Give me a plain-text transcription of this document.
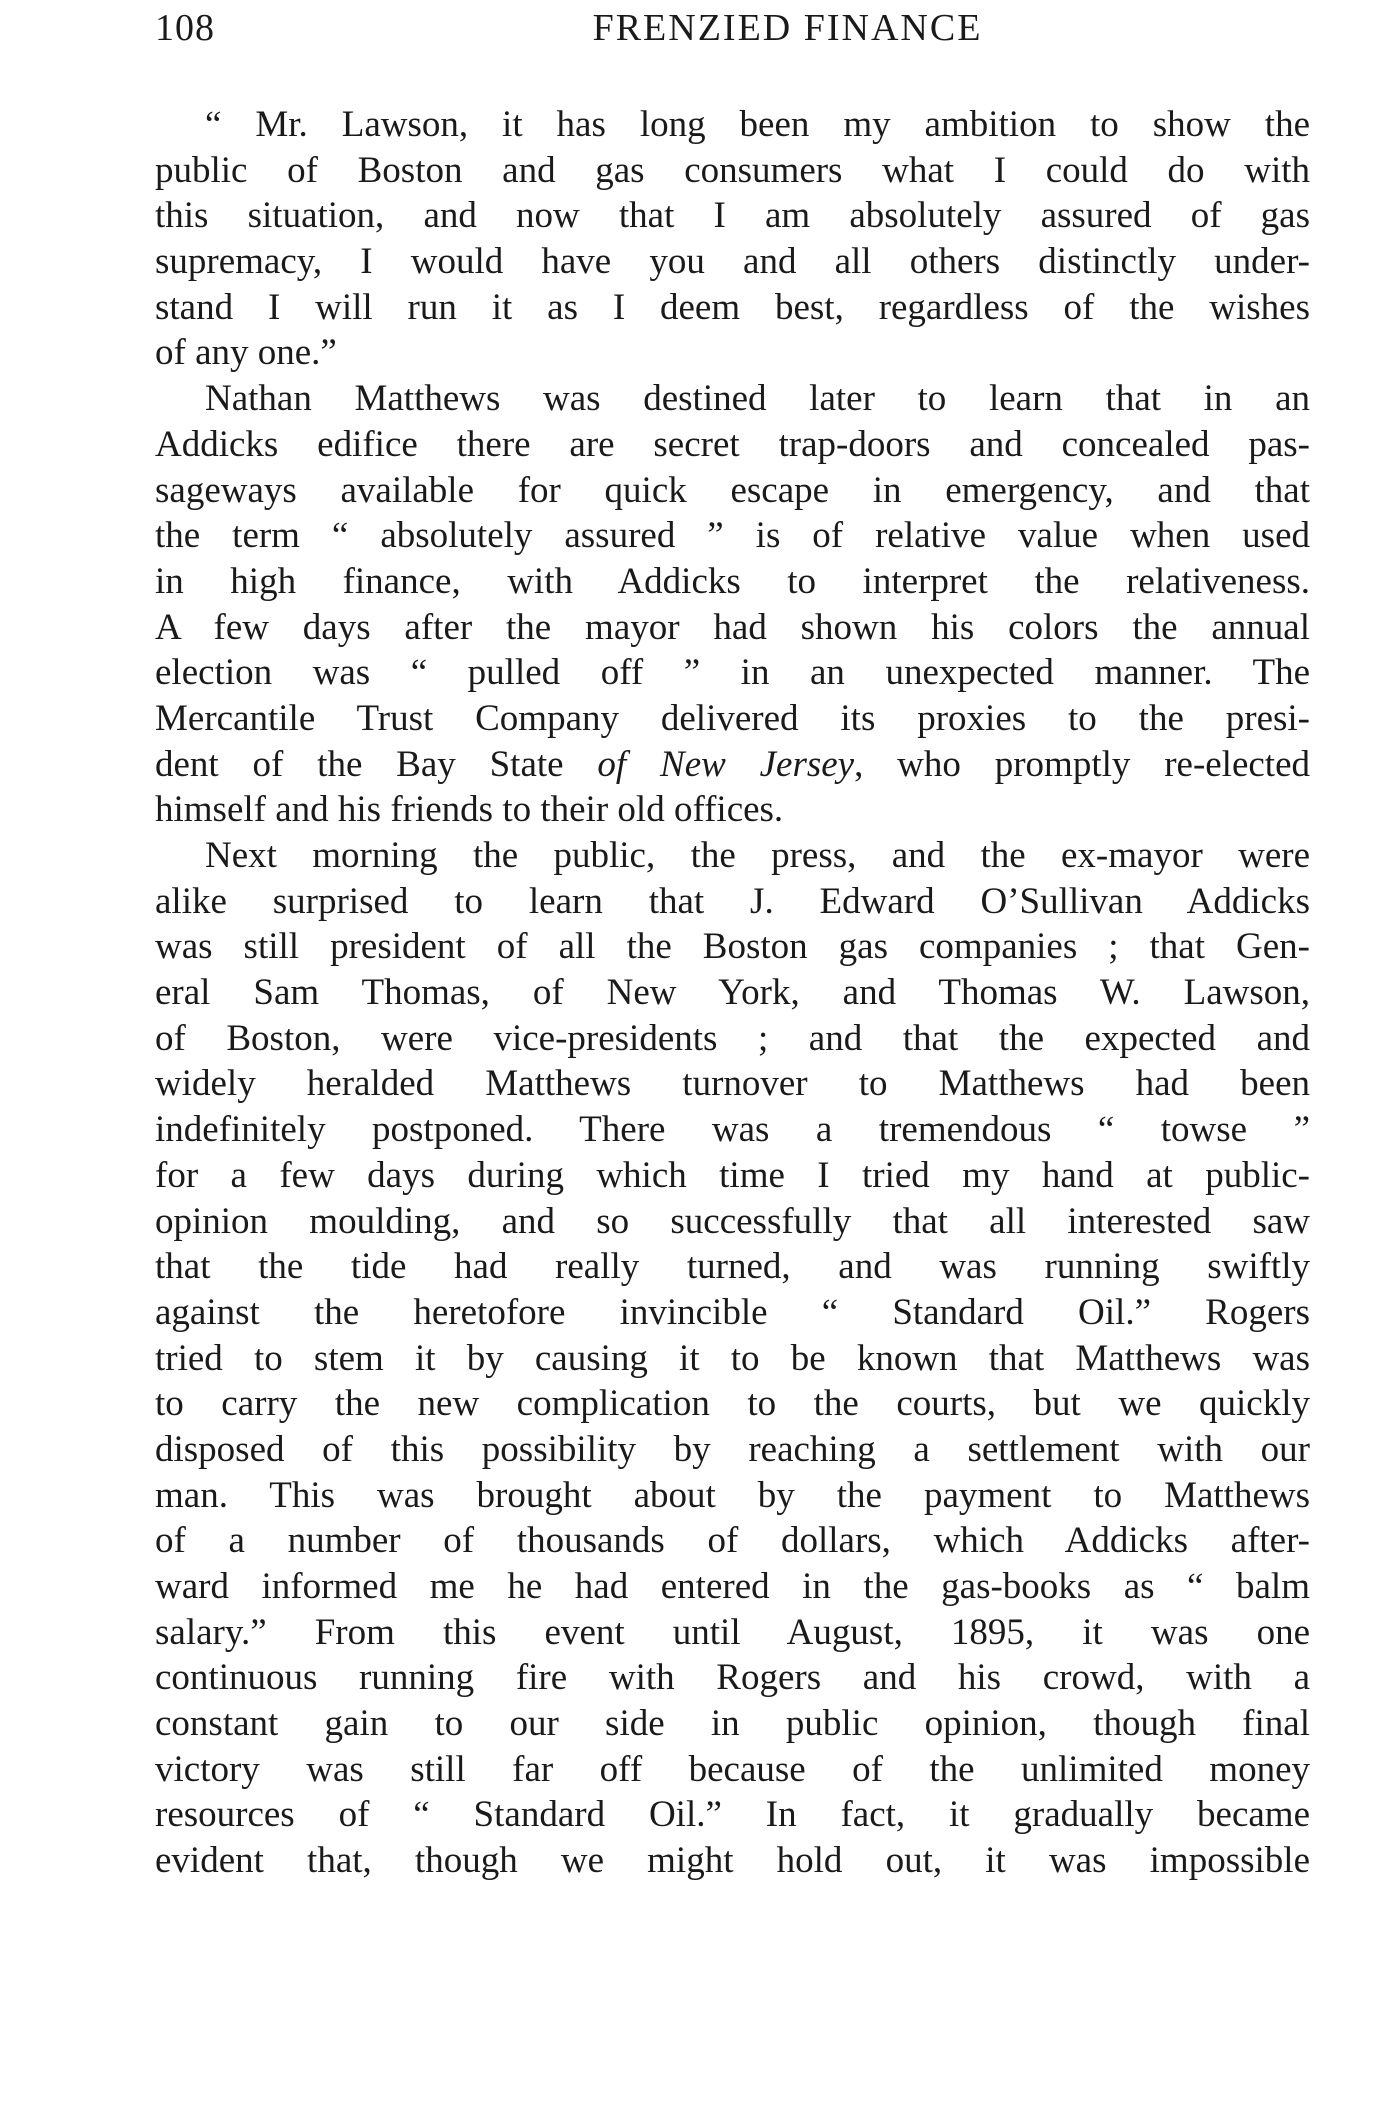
108	FRENZIED FINANCE
“ Mr. Lawson, it has long been my ambition to show the
public of Boston and gas consumers what I could do with
this situation, and now that I am absolutely assured of gas
supremacy, I would have you and all others distinctly under-
stand I will run it as I deem best, regardless of the wishes
of any one.”
Nathan Matthews was destined later to learn that in an
Addicks edifice there are secret trap-doors and concealed pas-
sageways available for quick escape in emergency, and that
the term “ absolutely assured ” is of relative value when used
in high finance, with Addicks to interpret the relativeness.
A few days after the mayor had shown his colors the annual
election was “ pulled off ” in an unexpected manner. The
Mercantile Trust Company delivered its proxies to the presi-
dent of the Bay State of New Jersey, who promptly re-elected
himself and his friends to their old offices.
Next morning the public, the press, and the ex-mayor were
alike surprised to learn that J. Edward O’Sullivan Addicks
was still president of all the Boston gas companies ; that Gen-
eral Sam Thomas, of New York, and Thomas W. Lawson,
of Boston, were vice-presidents ; and that the expected and
widely heralded Matthews turnover to Matthews had been
indefinitely postponed. There was a tremendous “ towse ”
for a few days during which time I tried my hand at public-
opinion moulding, and so successfully that all interested saw
that the tide had really turned, and was running swiftly
against the heretofore invincible “ Standard Oil.” Rogers
tried to stem it by causing it to be known that Matthews was
to carry the new complication to the courts, but we quickly
disposed of this possibility by reaching a settlement with our
man. This was brought about by the payment to Matthews
of a number of thousands of dollars, which Addicks after-
ward informed me he had entered in the gas-books as “ balm
salary.” From this event until August, 1895, it was one
continuous running fire with Rogers and his crowd, with a
constant gain to our side in public opinion, though final
victory was still far off because of the unlimited money
resources of “ Standard Oil.” In fact, it gradually became
evident that, though we might hold out, it was impossible
